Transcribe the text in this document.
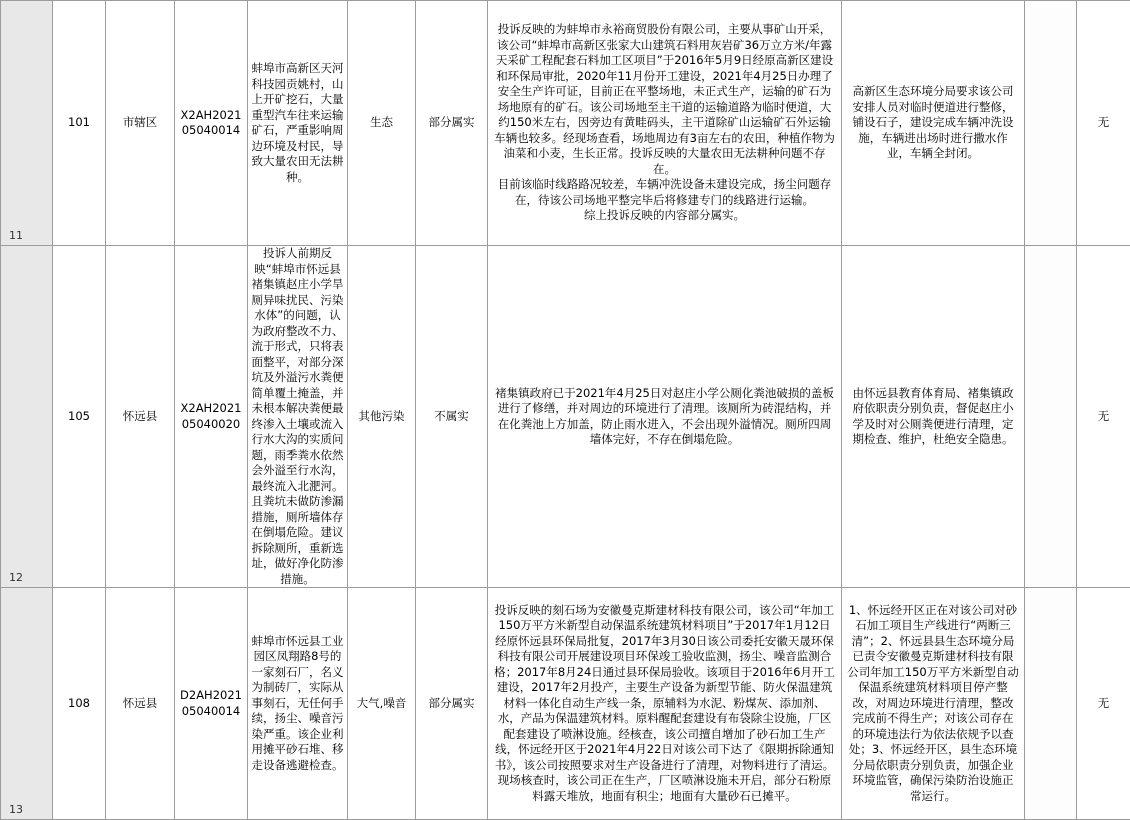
11	101	市辖区	X2AH202105040014	蚌埠市高新区天河科技园贡姚村，山上开矿挖石，大量重型汽车往来运输矿石，严重影响周边环境及村民，导致大量农田无法耕种。	生态	部分属实	投诉反映的为蚌埠市永裕商贸股份有限公司，主要从事矿山开采，该公司“蚌埠市高新区张家大山建筑石料用灰岩矿36万立方米/年露天采矿工程配套石料加工区项目”于2016年5月9日经原高新区建设和环保局审批，2020年11月份开工建设，2021年4月25日办理了安全生产许可证，目前正在平整场地，未正式生产，运输的矿石为场地原有的矿石。该公司场地至主干道的运输道路为临时便道，大约150米左右，因旁边有黄畦码头，主干道除矿山运输矿石外运输车辆也较多。经现场查看，场地周边有3亩左右的农田，种植作物为油菜和小麦，生长正常。投诉反映的大量农田无法耕种问题不存在。
目前该临时线路路况较差，车辆冲洗设备未建设完成，扬尘问题存在，待该公司场地平整完毕后将修建专门的线路进行运输。
综上投诉反映的内容部分属实。	高新区生态环境分局要求该公司安排人员对临时便道进行整修，铺设石子，建设完成车辆冲洗设施，车辆进出场时进行撒水作业，车辆全封闭。		无
12	105	怀远县	X2AH202105040020	投诉人前期反映“蚌埠市怀远县褚集镇赵庄小学旱厕异味扰民、污染水体”的问题，认为政府整改不力、流于形式，只将表面整平，对部分深坑及外溢污水粪便简单覆土掩盖，并未根本解决粪便最终渗入土壤或流入行水大沟的实质问题，雨季粪水依然会外溢至行水沟，最终流入北淝河。且粪坑未做防渗漏措施，厕所墙体存在倒塌危险。建议拆除厕所，重新选址，做好净化防渗措施。	其他污染	不属实	褚集镇政府已于2021年4月25日对赵庄小学公厕化粪池破损的盖板进行了修缮，并对周边的环境进行了清理。该厕所为砖混结构，并在化粪池上方加盖，防止雨水进入，不会出现外溢情况。厕所四周墙体完好，不存在倒塌危险。	由怀远县教育体育局、褚集镇政府依职责分别负责，督促赵庄小学及时对公厕粪便进行清理，定期检查、维护，杜绝安全隐患。		无
13	108	怀远县	D2AH202105040014	蚌埠市怀远县工业园区凤翔路8号的一家刻石厂，名义为制砖厂，实际从事刻石，无任何手续，扬尘、噪音污染严重。该企业利用摊平砂石堆、移走设备逃避检查。	大气,噪音	部分属实	投诉反映的刻石场为安徽曼克斯建材科技有限公司，该公司“年加工150万平方米新型自动保温系统建筑材料项目”于2017年1月12日经原怀远县环保局批复，2017年3月30日该公司委托安徽天晟环保科技有限公司开展建设项目环保竣工验收监测，扬尘、噪音监测合格；2017年8月24日通过县环保局验收。该项目于2016年6月开工建设，2017年2月投产，主要生产设备为新型节能、防火保温建筑材料一体化自动生产线一条，原辅料为水泥、粉煤灰、添加剂、水，产品为保温建筑材料。原料醒配套建设有布袋除尘设施，厂区配套建设了喷淋设施。经核查，该公司擅自增加了砂石加工生产线，怀远经开区于2021年4月22日对该公司下达了《限期拆除通知书》，该公司按照要求对生产设备进行了清理，对物料进行了清运。现场核查时，该公司正在生产，厂区喷淋设施未开启，部分石粉原料露天堆放，地面有积尘；地面有大量砂石已摊平。	1、怀远经开区正在对该公司对砂石加工项目生产线进行“两断三清”；2、怀远县县生态环境分局已责令安徽曼克斯建材科技有限公司年加工150万平方米新型自动保温系统建筑材料项目停产整改，对周边环境进行清理，整改完成前不得生产；对该公司存在的环境违法行为依法依规予以查处；3、怀远经开区，县生态环境分局依职责分别负责，加强企业环境监管，确保污染防治设施正常运行。		无
